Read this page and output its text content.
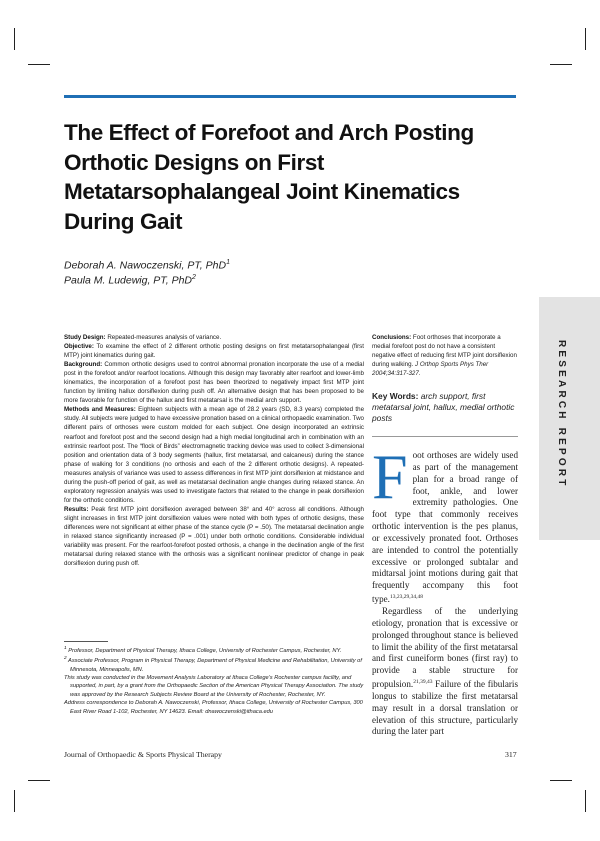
The Effect of Forefoot and Arch Posting Orthotic Designs on First Metatarsophalangeal Joint Kinematics During Gait
Deborah A. Nawoczenski, PT, PhD$^1$
Paula M. Ludewig, PT, PhD$^2$
RESEARCH REPORT

Study Design: Repeated-measures analysis of variance.

Objective: To examine the effect of 2 different orthotic posting designs on first metatarsophalangeal (first MTP) joint kinematics during gait.

Background: Common orthotic designs used to control abnormal pronation incorporate the use of a medial post in the forefoot and/or rearfoot locations. Although this design may favorably alter rearfoot and lower-limb kinematics, the incorporation of a forefoot post has been theorized to negatively impact first MTP joint function by limiting hallux dorsiflexion during push off. An alternative design that has been proposed to be more favorable for function of the hallux and first metatarsal is the medial arch support.

Methods and Measures: Eighteen subjects with a mean age of 28.2 years (SD, 8.3 years) completed the study. All subjects were judged to have excessive pronation based on a clinical orthopaedic examination. Two different pairs of orthoses were custom molded for each subject. One design incorporated an extrinsic rearfoot and forefoot post and the second design had a high medial longitudinal arch in combination with an extrinsic rearfoot post. The “flock of Birds” electromagnetic tracking device was used to collect 3-dimensional position and orientation data of 3 body segments (hallux, first metatarsal, and calcaneus) during the stance phase of walking for 3 conditions (no orthosis and each of the 2 different orthotic designs). A repeated-measures analysis of variance was used to assess differences in first MTP joint dorsiflexion at midstance and during the push-off period of gait, as well as metatarsal declination angle changes during relaxed stance. An exploratory regression analysis was used to investigate factors that related to the change in peak dorsiflexion for the orthotic conditions.

Results: Peak first MTP joint dorsiflexion averaged between 38° and 40° across all conditions. Although slight increases in first MTP joint dorsiflexion values were noted with both types of orthotic designs, these differences were not significant at either phase of the stance cycle (P = .50). The metatarsal declination angle in relaxed stance significantly increased (P = .001) under both orthotic conditions. Considerable individual variability was present. For the rearfoot-forefoot posted orthosis, a change in the declination angle of the first metatarsal during relaxed stance with the orthosis was a significant nonlinear predictor of change in peak dorsiflexion during push off.

Conclusions: Foot orthoses that incorporate a medial forefoot post do not have a consistent negative effect of reducing first MTP joint dorsiflexion during walking. J Orthop Sports Phys Ther 2004;34:317-327.

Key Words: arch support, first metatarsal joint, hallux, medial orthotic posts

Foot orthoses are widely used as part of the management plan for a broad range of foot, ankle, and lower extremity pathologies. One foot type that commonly receives orthotic intervention is the pes planus, or excessively pronated foot. Orthoses are intended to control the potentially excessive or prolonged subtalar and midtarsal joint motions during gait that frequently accompany this foot type.$^{13,23,29,34,48}$

Regardless of the underlying etiology, pronation that is excessive or prolonged throughout stance is believed to limit the ability of the first metatarsal and first cuneiform bones (first ray) to provide a stable structure for propulsion.$^{21,39,43}$ Failure of the fibularis longus to stabilize the first metatarsal may result in a dorsal translation or elevation of this structure, particularly during the later part

$^1$ Professor, Department of Physical Therapy, Ithaca College, University of Rochester Campus, Rochester, NY.

$^2$ Associate Professor, Program in Physical Therapy, Department of Physical Medicine and Rehabilitation, University of Minnesota, Minneapolis, MN.

This study was conducted in the Movement Analysis Laboratory at Ithaca College’s Rochester campus facility, and supported, in part, by a grant from the Orthopaedic Section of the American Physical Therapy Association. The study was approved by the Research Subjects Review Board at the University of Rochester, Rochester, NY.

Address correspondence to Deborah A. Nawoczenski, Professor, Ithaca College, University of Rochester Campus, 300 East River Road 1-102, Rochester, NY 14623. Email: dnawoczenski@ithaca.edu

Journal of Orthopaedic & Sports Physical Therapy	317
